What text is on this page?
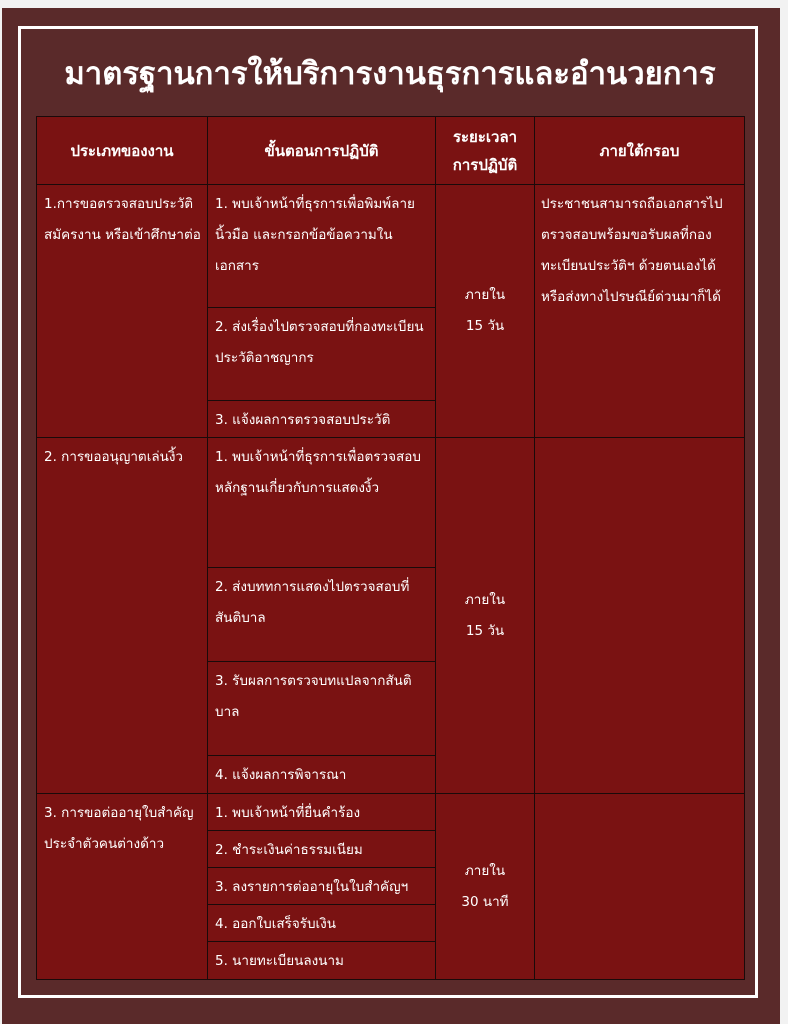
มาตรฐานการให้บริการงานธุรการและอำนวยการ
ประเภทของงาน	ขั้นตอนการปฏิบัติ	ระยะเวลา
การปฏิบัติ	ภายใต้กรอบ

1.การขอตรวจสอบประวัติ สมัครงาน หรือเข้าศึกษาต่อ	1. พบเจ้าหน้าที่ธุรการเพื่อพิมพ์ลายนิ้วมือ และกรอกข้อข้อความในเอกสาร	ภายใน
15 วัน	ประชาชนสามารถถือเอกสารไปตรวจสอบพร้อมขอรับผลที่กองทะเบียนประวัติฯ ด้วยตนเองได้หรือส่งทางไปรษณีย์ด่วนมาก็ได้

	2. ส่งเรื่องไปตรวจสอบที่กองทะเบียน ประวัติอาชญากร		

	3. แจ้งผลการตรวจสอบประวัติ		

2. การขออนุญาตเล่นงิ้ว	1. พบเจ้าหน้าที่ธุรการเพื่อตรวจสอบ หลักฐานเกี่ยวกับการแสดงงิ้ว	ภายใน
15 วัน	

	2. ส่งบททการแสดงไปตรวจสอบที่สันติบาล		

	3. รับผลการตรวจบทแปลจากสันติบาล		

	4. แจ้งผลการพิจารณา		

3. การขอต่ออายุใบสำคัญประจำตัวคนต่างด้าว	1. พบเจ้าหน้าที่ยื่นคำร้อง	ภายใน
30 นาที	

	2. ชำระเงินค่าธรรมเนียม		

	3. ลงรายการต่ออายุในใบสำคัญฯ		

	4. ออกใบเสร็จรับเงิน		

	5. นายทะเบียนลงนาม		
